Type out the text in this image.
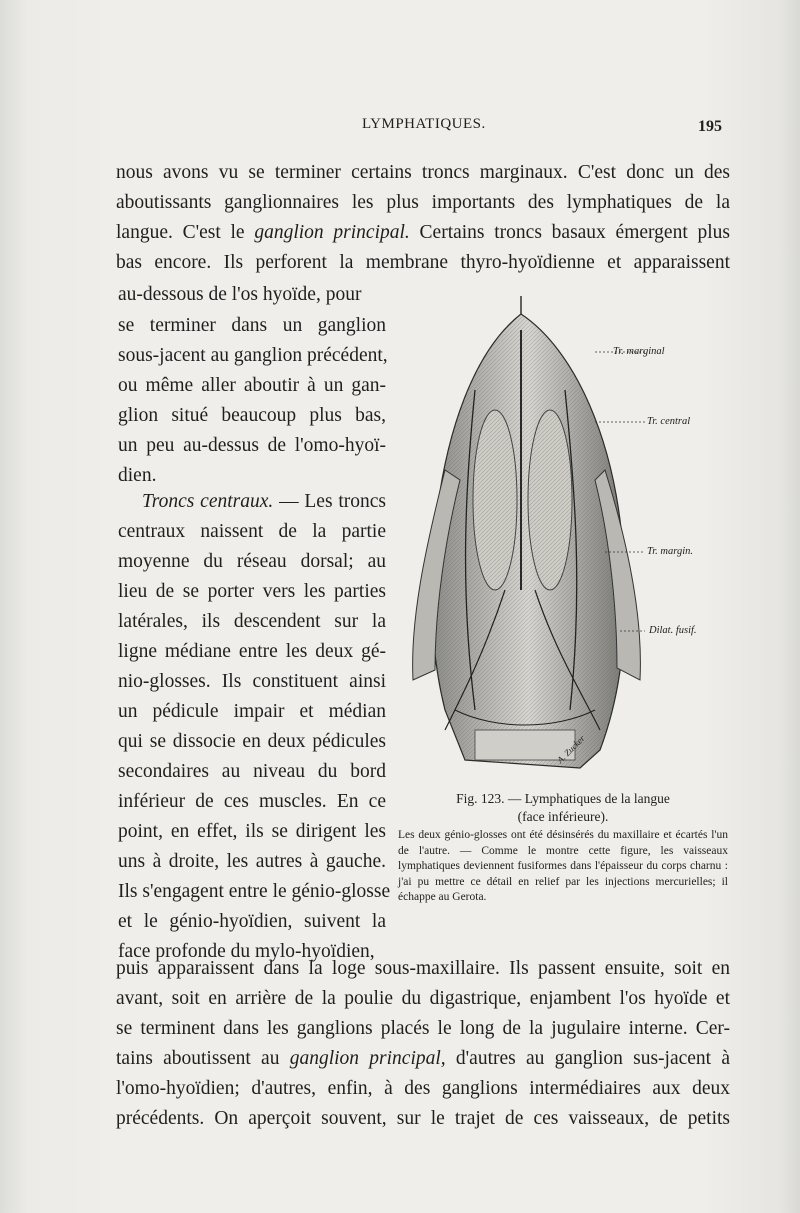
LYMPHATIQUES.	195
nous avons vu se terminer certains troncs marginaux. C'est donc un des
aboutissants ganglionnaires les plus importants des lymphatiques de la
langue. C'est le ganglion principal. Certains troncs basaux émergent plus
bas encore. Ils perforent la membrane thyro-hyoïdienne et apparaissent
au-dessous de l'os hyoïde, pour
se terminer dans un ganglion
sous-jacent au ganglion précédent,
ou même aller aboutir à un gan-
glion situé beaucoup plus bas,
un peu au-dessus de l'omo-hyoï-
dien.
Troncs centraux. — Les troncs
centraux naissent de la partie
moyenne du réseau dorsal; au
lieu de se porter vers les parties
latérales, ils descendent sur la
ligne médiane entre les deux gé-
nio-glosses. Ils constituent ainsi
un pédicule impair et médian
qui se dissocie en deux pédicules
secondaires au niveau du bord
inférieur de ces muscles. En ce
point, en effet, ils se dirigent les
uns à droite, les autres à gauche.
Ils s'engagent entre le génio-glosse
et le génio-hyoïdien, suivent la
face profonde du mylo-hyoïdien,
Tr. marginal
Tr. central
Tr. margin.
Dilat. fusif.
A. Zucker
Fig. 123. — Lymphatiques de la langue
(face inférieure).
Les deux génio-glosses ont été désinsérés du maxillaire et écartés l'un de l'autre. — Comme le montre cette figure, les vaisseaux lymphatiques deviennent fusiformes dans l'épaisseur du corps charnu : j'ai pu mettre ce détail en relief par les injections mercurielles; il échappe au Gerota.
puis apparaissent dans la loge sous-maxillaire. Ils passent ensuite, soit en
avant, soit en arrière de la poulie du digastrique, enjambent l'os hyoïde et
se terminent dans les ganglions placés le long de la jugulaire interne. Cer-
tains aboutissent au ganglion principal, d'autres au ganglion sus-jacent à
l'omo-hyoïdien; d'autres, enfin, à des ganglions intermédiaires aux deux
précédents. On aperçoit souvent, sur le trajet de ces vaisseaux, de petits
